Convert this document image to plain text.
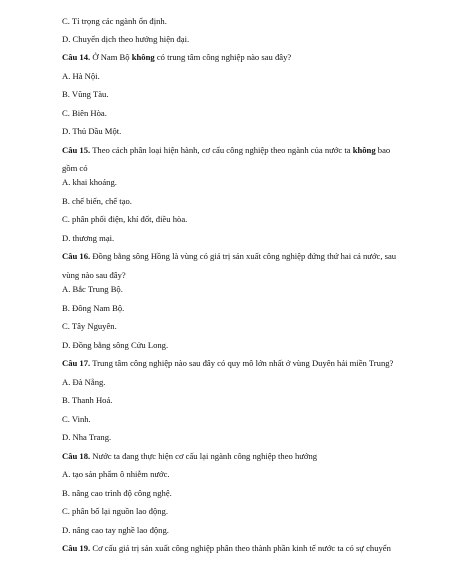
C. Tỉ trọng các ngành ổn định.
D. Chuyển dịch theo hướng hiện đại.
Câu 14. Ở Nam Bộ không có trung tâm công nghiệp nào sau đây?
A. Hà Nội.
B. Vũng Tàu.
C. Biên Hòa.
D. Thủ Dầu Một.
Câu 15. Theo cách phân loại hiện hành, cơ cấu công nghiệp theo ngành của nước ta không bao
gồm có
A. khai khoáng.
B. chế biến, chế tạo.
C. phân phối điện, khí đốt, điều hòa.
D. thương mại.
Câu 16. Đồng bằng sông Hồng là vùng có giá trị sản xuất công nghiệp đứng thứ hai cả nước, sau
vùng nào sau đây?
A. Bắc Trung Bộ.
B. Đông Nam Bộ.
C. Tây Nguyên.
D. Đồng bằng sông Cửu Long.
Câu 17. Trung tâm công nghiệp nào sau đây có quy mô lớn nhất ở vùng Duyên hải miền Trung?
A. Đà Nẵng.
B. Thanh Hoá.
C. Vinh.
D. Nha Trang.
Câu 18. Nước ta đang thực hiện cơ cấu lại ngành công nghiệp theo hướng
A. tạo sản phẩm ô nhiễm nước.
B. nâng cao trình độ công nghệ.
C. phân bố lại nguồn lao động.
D. nâng cao tay nghề lao động.
Câu 19. Cơ cấu giá trị sản xuất công nghiệp phân theo thành phần kinh tế nước ta có sự chuyển
